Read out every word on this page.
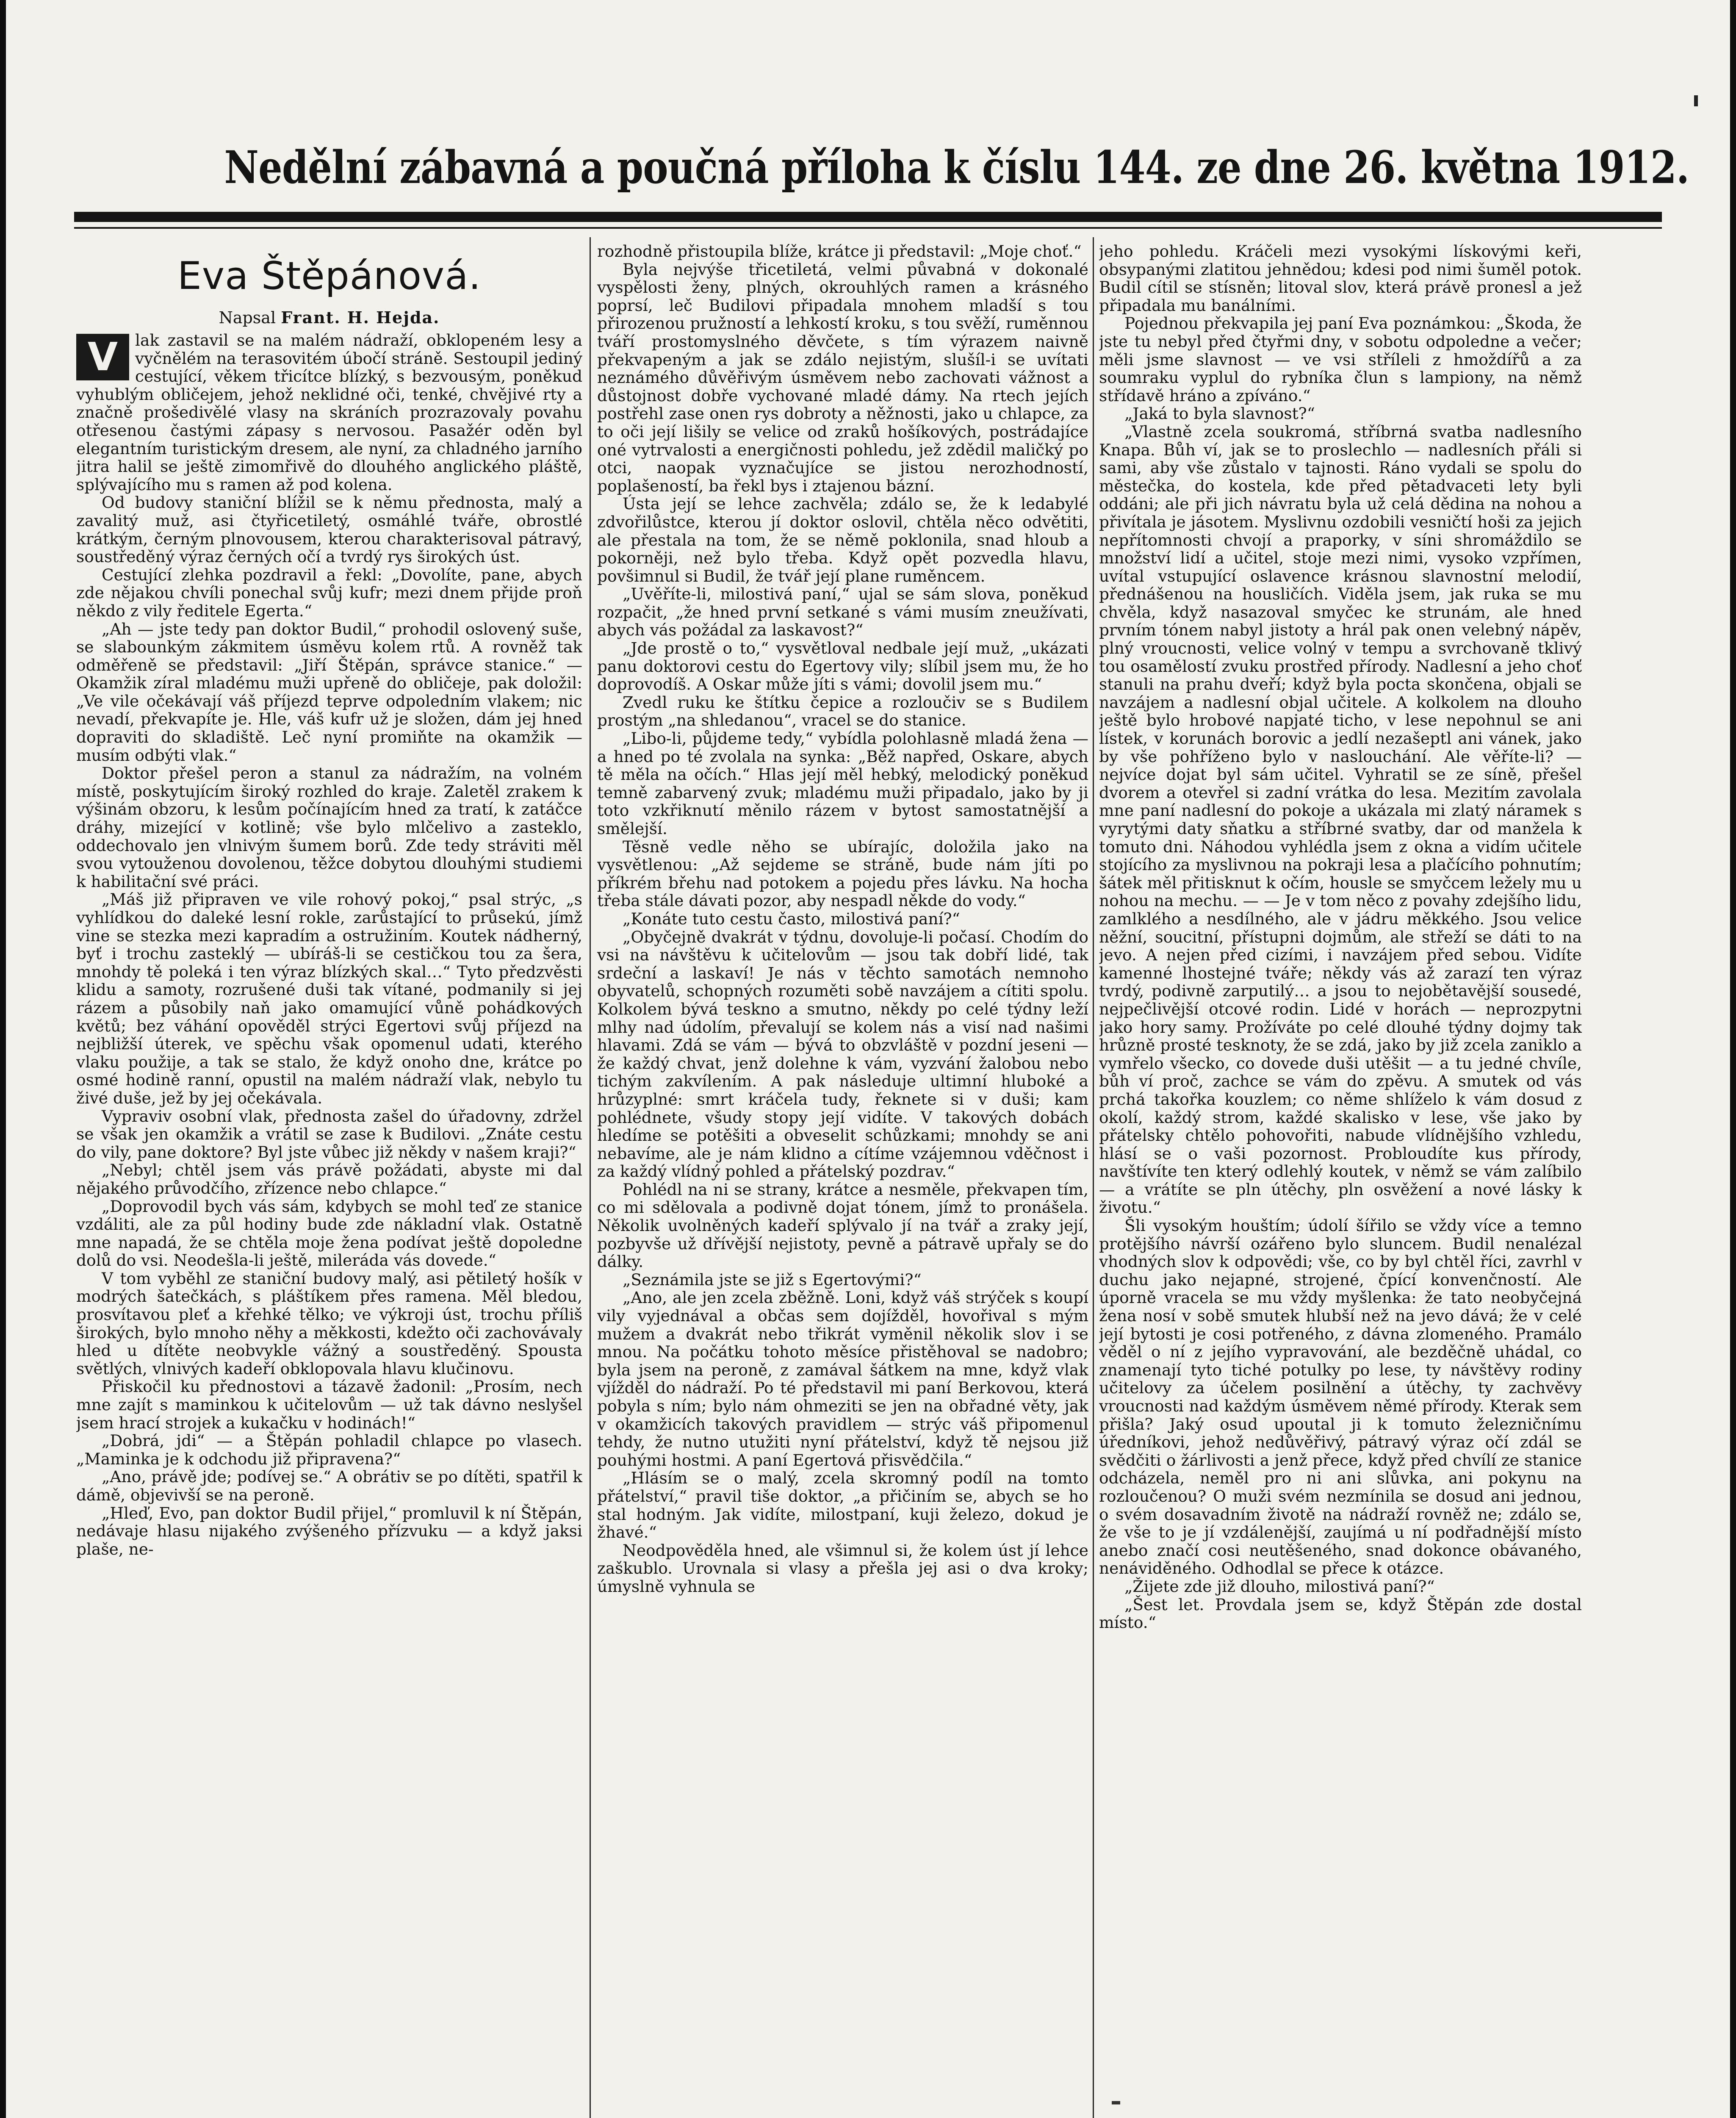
Nedělní zábavná a poučná příloha k číslu 144. ze dne 26. května 1912.
Eva Štěpánová.
Napsal Frant. H. Hejda.

V	lak zastavil se na malém nádraží, obklopeném lesy a vyčnělém na terasovitém úbočí stráně. Sestoupil jediný cestující, věkem třicítce blízký, s bezvousým, poněkud vyhublým obličejem, jehož neklidné oči, tenké, chvějivé rty a značně prošedivělé vlasy na skráních prozrazovaly povahu otřesenou častými zápasy s nervosou. Pasažér oděn byl elegantním turistickým dresem, ale nyní, za chladného jarního jitra halil se ještě zimomřivě do dlouhého anglického pláště, splývajícího mu s ramen až pod kolena.

Od budovy staniční blížil se k němu přednosta, malý a zavalitý muž, asi čtyřicetiletý, osmáhlé tváře, obrostlé krátkým, černým plnovousem, kterou charakterisoval pátravý, soustředěný výraz černých očí a tvrdý rys širokých úst.

Cestující zlehka pozdravil a řekl: „Dovolíte, pane, abych zde nějakou chvíli ponechal svůj kufr; mezi dnem přijde proň někdo z vily ředitele Egerta.“

„Ah — jste tedy pan doktor Budil,“ prohodil oslovený suše, se slabounkým zákmitem úsměvu kolem rtů. A rovněž tak odměřeně se představil: „Jiří Štěpán, správce stanice.“ — Okamžik zíral mladému muži upřeně do obličeje, pak doložil: „Ve vile očekávají váš příjezd teprve odpoledním vlakem; nic nevadí, překvapíte je. Hle, váš kufr už je složen, dám jej hned dopraviti do skladiště. Leč nyní promiňte na okamžik — musím odbýti vlak.“

Doktor přešel peron a stanul za nádražím, na volném místě, poskytujícím široký rozhled do kraje. Zaletěl zrakem k výšinám obzoru, k lesům počínajícím hned za tratí, k zatáčce dráhy, mizející v kotlině; vše bylo mlčelivo a zasteklo, oddechovalo jen vlnivým šumem borů. Zde tedy stráviti měl svou vytouženou dovolenou, těžce dobytou dlouhými studiemi k habilitační své práci.

„Máš již připraven ve vile rohový pokoj,“ psal strýc, „s vyhlídkou do daleké lesní rokle, zarůstající to průsekú, jímž vine se stezka mezi kapradím a ostružiním. Koutek nádherný, byť i trochu zasteklý — ubíráš-li se cestičkou tou za šera, mnohdy tě poleká i ten výraz blízkých skal…“ Tyto předzvěsti klidu a samoty, rozrušené duši tak vítané, podmanily si jej rázem a působily naň jako omamující vůně pohádkových květů; bez váhání opověděl strýci Egertovi svůj příjezd na nejbližší úterek, ve spěchu však opomenul udati, kterého vlaku použije, a tak se stalo, že když onoho dne, krátce po osmé hodině ranní, opustil na malém nádraží vlak, nebylo tu živé duše, jež by jej očekávala.

Vypraviv osobní vlak, přednosta zašel do úřadovny, zdržel se však jen okamžik a vrátil se zase k Budilovi. „Znáte cestu do vily, pane doktore? Byl jste vůbec již někdy v našem kraji?“

„Nebyl; chtěl jsem vás právě požádati, abyste mi dal nějakého průvodčího, zřízence nebo chlapce.“

„Doprovodil bych vás sám, kdybych se mohl teď ze stanice vzdáliti, ale za půl hodiny bude zde nákladní vlak. Ostatně mne napadá, že se chtěla moje žena podívat ještě dopoledne dolů do vsi. Neodešla-li ještě, mileráda vás dovede.“

V tom vyběhl ze staniční budovy malý, asi pětiletý hošík v modrých šatečkách, s pláštíkem přes ramena. Měl bledou, prosvítavou pleť a křehké tělko; ve výkroji úst, trochu příliš širokých, bylo mnoho něhy a měkkosti, kdežto oči zachovávaly hled u dítěte neobvykle vážný a soustředěný. Spousta světlých, vlnivých kadeří obklopovala hlavu klučinovu.

Přiskočil ku přednostovi a tázavě žadonil: „Prosím, nech mne zajít s maminkou k učitelovům — už tak dávno neslyšel jsem hrací strojek a kukačku v hodinách!“

„Dobrá, jdi“ — a Štěpán pohladil chlapce po vlasech. „Maminka je k odchodu již připravena?“

„Ano, právě jde; podívej se.“ A obrátiv se po dítěti, spatřil k dámě, objevivší se na peroně.

„Hleď, Evo, pan doktor Budil přijel,“ promluvil k ní Štěpán, nedávaje hlasu nijakého zvýšeného přízvuku — a když jaksi plaše, ne-

rozhodně přistoupila blíže, krátce ji představil: „Moje choť.“

Byla nejvýše třicetiletá, velmi půvabná v dokonalé vyspělosti ženy, plných, okrouhlých ramen a krásného poprsí, leč Budilovi připadala mnohem mladší s tou přirozenou pružností a lehkostí kroku, s tou svěží, ruměnnou tváří prostomyslného děvčete, s tím výrazem naivně překvapeným a jak se zdálo nejistým, slušíl-i se uvítati neznámého důvěřivým úsměvem nebo zachovati vážnost a důstojnost dobře vychované mladé dámy. Na rtech jejích postřehl zase onen rys dobroty a něžnosti, jako u chlapce, za to oči její lišily se velice od zraků hošíkových, postrádajíce oné vytrvalosti a energičnosti pohledu, jež zdědil maličký po otci, naopak vyznačujíce se jistou nerozhodností, poplašeností, ba řekl bys i ztajenou bázní.

Ústa její se lehce zachvěla; zdálo se, že k ledabylé zdvořilůstce, kterou jí doktor oslovil, chtěla něco odvětiti, ale přestala na tom, že se němě poklonila, snad hloub a pokorněji, než bylo třeba. Když opět pozvedla hlavu, povšimnul si Budil, že tvář její plane ruměncem.

„Uvěříte-li, milostivá paní,“ ujal se sám slova, poněkud rozpačit, „že hned první setkané s vámi musím zneužívati, abych vás požádal za laskavost?“

„Jde prostě o to,“ vysvětloval nedbale její muž, „ukázati panu doktorovi cestu do Egertovy vily; slíbil jsem mu, že ho doprovodíš. A Oskar může jíti s vámi; dovolil jsem mu.“

Zvedl ruku ke štítku čepice a rozloučiv se s Budilem prostým „na shledanou“, vracel se do stanice.

„Libo-li, půjdeme tedy,“ vybídla polohlasně mladá žena — a hned po té zvolala na synka: „Běž napřed, Oskare, abych tě měla na očích.“ Hlas její měl hebký, melodický poněkud temně zabarvený zvuk; mladému muži připadalo, jako by ji toto vzkřiknutí měnilo rázem v bytost samostatnější a smělejší.

Těsně vedle něho se ubírajíc, doložila jako na vysvětlenou: „Až sejdeme se stráně, bude nám jíti po příkrém břehu nad potokem a pojedu přes lávku. Na hocha třeba stále dávati pozor, aby nespadl někde do vody.“

„Konáte tuto cestu často, milostivá paní?“

„Obyčejně dvakrát v týdnu, dovoluje-li počasí. Chodím do vsi na návštěvu k učitelovům — jsou tak dobří lidé, tak srdeční a laskaví! Je nás v těchto samotách nemnoho obyvatelů, schopných rozuměti sobě navzájem a cítiti spolu. Kolkolem bývá teskno a smutno, někdy po celé týdny leží mlhy nad údolím, převalují se kolem nás a visí nad našimi hlavami. Zdá se vám — bývá to obzvláště v pozdní jeseni — že každý chvat, jenž dolehne k vám, vyzvání žalobou nebo tichým zakvílením. A pak následuje ultimní hluboké a hrůzyplné: smrt kráčela tudy, řeknete si v duši; kam pohlédnete, všudy stopy její vidíte. V takových dobách hledíme se potěšiti a obveselit schůzkami; mnohdy se ani nebavíme, ale je nám klidno a cítíme vzájemnou vděčnost i za každý vlídný pohled a přátelský pozdrav.“

Pohlédl na ni se strany, krátce a nesměle, překvapen tím, co mi sdělovala a podivně dojat tónem, jímž to pronášela. Několik uvolněných kadeří splývalo jí na tvář a zraky její, pozbyvše už dřívější nejistoty, pevně a pátravě upřaly se do dálky.

„Seznámila jste se již s Egertovými?“

„Ano, ale jen zcela zběžně. Loni, když váš strýček s koupí vily vyjednával a občas sem dojížděl, hovořival s mým mužem a dvakrát nebo třikrát vyměnil několik slov i se mnou. Na počátku tohoto měsíce přistěhoval se nadobro; byla jsem na peroně, z zamával šátkem na mne, když vlak vjížděl do nádraží. Po té představil mi paní Berkovou, která pobyla s ním; bylo nám ohmeziti se jen na obřadné věty, jak v okamžicích takových pravidlem — strýc váš připomenul tehdy, že nutno utužiti nyní přátelství, když tě nejsou již pouhými hostmi. A paní Egertová přisvědčila.“

„Hlásím se o malý, zcela skromný podíl na tomto přátelství,“ pravil tiše doktor, „a přičiním se, abych se ho stal hodným. Jak vidíte, milostpaní, kuji železo, dokud je žhavé.“

Neodpověděla hned, ale všimnul si, že kolem úst jí lehce zaškublo. Urovnala si vlasy a přešla jej asi o dva kroky; úmyslně vyhnula se

jeho pohledu. Kráčeli mezi vysokými lískovými keři, obsypanými zlatitou jehnědou; kdesi pod nimi šuměl potok. Budil cítil se stísněn; litoval slov, která právě pronesl a jež připadala mu banálními.

Pojednou překvapila jej paní Eva poznámkou: „Škoda, že jste tu nebyl před čtyřmi dny, v sobotu odpoledne a večer; měli jsme slavnost — ve vsi stříleli z hmoždířů a za soumraku vyplul do rybníka člun s lampiony, na němž střídavě hráno a zpíváno.“

„Jaká to byla slavnost?“

„Vlastně zcela soukromá, stříbrná svatba nadlesního Knapa. Bůh ví, jak se to proslechlo — nadlesních přáli si sami, aby vše zůstalo v tajnosti. Ráno vydali se spolu do městečka, do kostela, kde před pětadvaceti lety byli oddáni; ale při jich návratu byla už celá dědina na nohou a přivítala je jásotem. Myslivnu ozdobili vesničtí hoši za jejich nepřítomnosti chvojí a praporky, v síni shromáždilo se množství lidí a učitel, stoje mezi nimi, vysoko vzpřímen, uvítal vstupující oslavence krásnou slavnostní melodií, přednášenou na housličích. Viděla jsem, jak ruka se mu chvěla, když nasazoval smyčec ke strunám, ale hned prvním tónem nabyl jistoty a hrál pak onen velebný nápěv, plný vroucnosti, velice volný v tempu a svrchovaně tklivý tou osamělostí zvuku prostřed přírody. Nadlesní a jeho choť stanuli na prahu dveří; když byla pocta skončena, objali se navzájem a nadlesní objal učitele. A kolkolem na dlouho ještě bylo hrobové napjaté ticho, v lese nepohnul se ani lístek, v korunách borovic a jedlí nezašeptl ani vánek, jako by vše pohříženo bylo v naslouchání. Ale věříte-li? — nejvíce dojat byl sám učitel. Vyhratil se ze síně, přešel dvorem a otevřel si zadní vrátka do lesa. Mezitím zavolala mne paní nadlesní do pokoje a ukázala mi zlatý náramek s vyrytými daty sňatku a stříbrné svatby, dar od manžela k tomuto dni. Náhodou vyhlédla jsem z okna a vidím učitele stojícího za myslivnou na pokraji lesa a plačícího pohnutím; šátek měl přitisknut k očím, housle se smyčcem ležely mu u nohou na mechu. — — Je v tom něco z povahy zdejšího lidu, zamlklého a nesdílného, ale v jádru měkkého. Jsou velice něžní, soucitní, přístupni dojmům, ale střeží se dáti to na jevo. A nejen před cizími, i navzájem před sebou. Vidíte kamenné lhostejné tváře; někdy vás až zarazí ten výraz tvrdý, podivně zarputilý… a jsou to nejobětavější sousedé, nejpečlivější otcové rodin. Lidé v horách — neprozpytni jako hory samy. Prožíváte po celé dlouhé týdny dojmy tak hrůzně prosté tesknoty, že se zdá, jako by již zcela zaniklo a vymřelo všecko, co dovede duši utěšit — a tu jedné chvíle, bůh ví proč, zachce se vám do zpěvu. A smutek od vás prchá takořka kouzlem; co něme shlíželo k vám dosud z okolí, každý strom, každé skalisko v lese, vše jako by přátelsky chtělo pohovořiti, nabude vlídnějšího vzhledu, hlásí se o vaši pozornost. Probloudíte kus přírody, navštívíte ten který odlehlý koutek, v němž se vám zalíbilo — a vrátíte se pln útěchy, pln osvěžení a nové lásky k životu.“

Šli vysokým houštím; údolí šířilo se vždy více a temno protějšího návrší ozářeno bylo sluncem. Budil nenalézal vhodných slov k odpovědi; vše, co by byl chtěl říci, zavrhl v duchu jako nejapné, strojené, čpící konvenčností. Ale úporně vracela se mu vždy myšlenka: že tato neobyčejná žena nosí v sobě smutek hlubší než na jevo dává; že v celé její bytosti je cosi potřeného, z dávna zlomeného. Pramálo věděl o ní z jejího vypravování, ale bezděčně uhádal, co znamenají tyto tiché potulky po lese, ty návštěvy rodiny učitelovy za účelem posilnění a útěchy, ty zachvěvy vroucnosti nad každým úsměvem němé přírody. Kterak sem přišla? Jaký osud upoutal ji k tomuto železničnímu úředníkovi, jehož nedůvěřivý, pátravý výraz očí zdál se svědčiti o žárlivosti a jenž přece, když před chvílí ze stanice odcházela, neměl pro ni ani slůvka, ani pokynu na rozloučenou? O muži svém nezmínila se dosud ani jednou, o svém dosavadním životě na nádraží rovněž ne; zdálo se, že vše to je jí vzdálenější, zaujímá u ní podřadnější místo anebo značí cosi neutěšeného, snad dokonce obávaného, nenáviděného. Odhodlal se přece k otázce.

„Žijete zde již dlouho, milostivá paní?“

„Šest let. Provdala jsem se, když Štěpán zde dostal místo.“
